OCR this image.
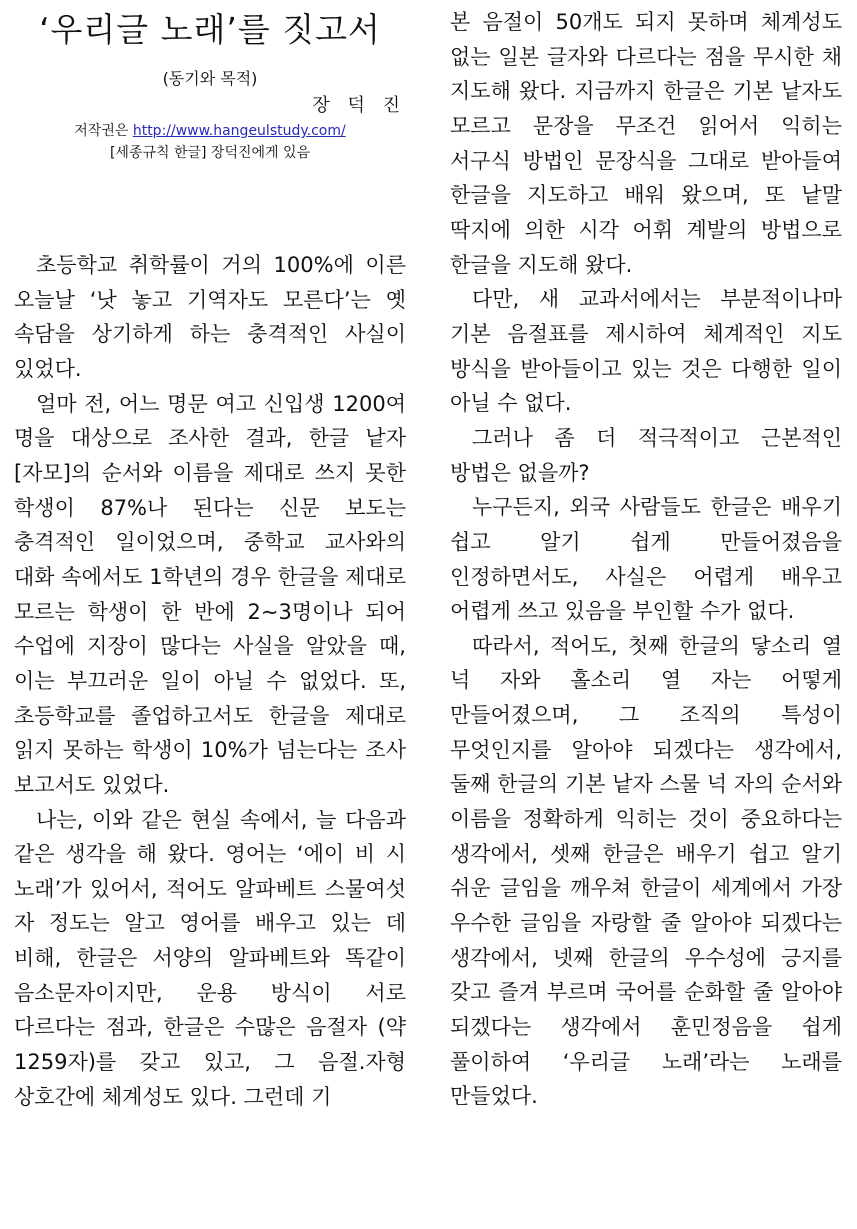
‘우리글 노래’를 짓고서
(동기와 목적)
장 덕 진
저작권은 http://www.hangeulstudy.com/
[세종규칙 한글] 장덕진에게 있음

초등학교 취학률이 거의 100%에 이른 오늘날 ‘낫 놓고 기역자도 모른다’는 옛 속담을 상기하게 하는 충격적인 사실이 있었다.

얼마 전, 어느 명문 여고 신입생 1200여 명을 대상으로 조사한 결과, 한글 낱자 [자모]의 순서와 이름을 제대로 쓰지 못한 학생이 87%나 된다는 신문 보도는 충격적인 일이었으며, 중학교 교사와의 대화 속에서도 1학년의 경우 한글을 제대로 모르는 학생이 한 반에 2∼3명이나 되어 수업에 지장이 많다는 사실을 알았을 때, 이는 부끄러운 일이 아닐 수 없었다. 또, 초등학교를 졸업하고서도 한글을 제대로 읽지 못하는 학생이 10%가 넘는다는 조사 보고서도 있었다.

나는, 이와 같은 현실 속에서, 늘 다음과 같은 생각을 해 왔다. 영어는 ‘에이 비 시 노래’가 있어서, 적어도 알파베트 스물여섯 자 정도는 알고 영어를 배우고 있는 데 비해, 한글은 서양의 알파베트와 똑같이 음소문자이지만, 운용 방식이 서로 다르다는 점과, 한글은 수많은 음절자 (약 1259자)를 갖고 있고, 그 음절.자형 상호간에 체계성도 있다. 그런데 기

본 음절이 50개도 되지 못하며 체계성도 없는 일본 글자와 다르다는 점을 무시한 채 지도해 왔다. 지금까지 한글은 기본 낱자도 모르고 문장을 무조건 읽어서 익히는 서구식 방법인 문장식을 그대로 받아들여 한글을 지도하고 배워 왔으며, 또 낱말 딱지에 의한 시각 어휘 계발의 방법으로 한글을 지도해 왔다.

다만, 새 교과서에서는 부분적이나마 기본 음절표를 제시하여 체계적인 지도 방식을 받아들이고 있는 것은 다행한 일이 아닐 수 없다.

그러나 좀 더 적극적이고 근본적인 방법은 없을까?

누구든지, 외국 사람들도 한글은 배우기 쉽고 알기 쉽게 만들어졌음을 인정하면서도, 사실은 어렵게 배우고 어렵게 쓰고 있음을 부인할 수가 없다.

따라서, 적어도, 첫째 한글의 닿소리 열 넉 자와 홀소리 열 자는 어떻게 만들어졌으며, 그 조직의 특성이 무엇인지를 알아야 되겠다는 생각에서, 둘째 한글의 기본 낱자 스물 넉 자의 순서와 이름을 정확하게 익히는 것이 중요하다는 생각에서, 셋째 한글은 배우기 쉽고 알기 쉬운 글임을 깨우쳐 한글이 세계에서 가장 우수한 글임을 자랑할 줄 알아야 되겠다는 생각에서, 넷째 한글의 우수성에 긍지를 갖고 즐겨 부르며 국어를 순화할 줄 알아야 되겠다는 생각에서 훈민정음을 쉽게 풀이하여 ‘우리글 노래’라는 노래를 만들었다.
